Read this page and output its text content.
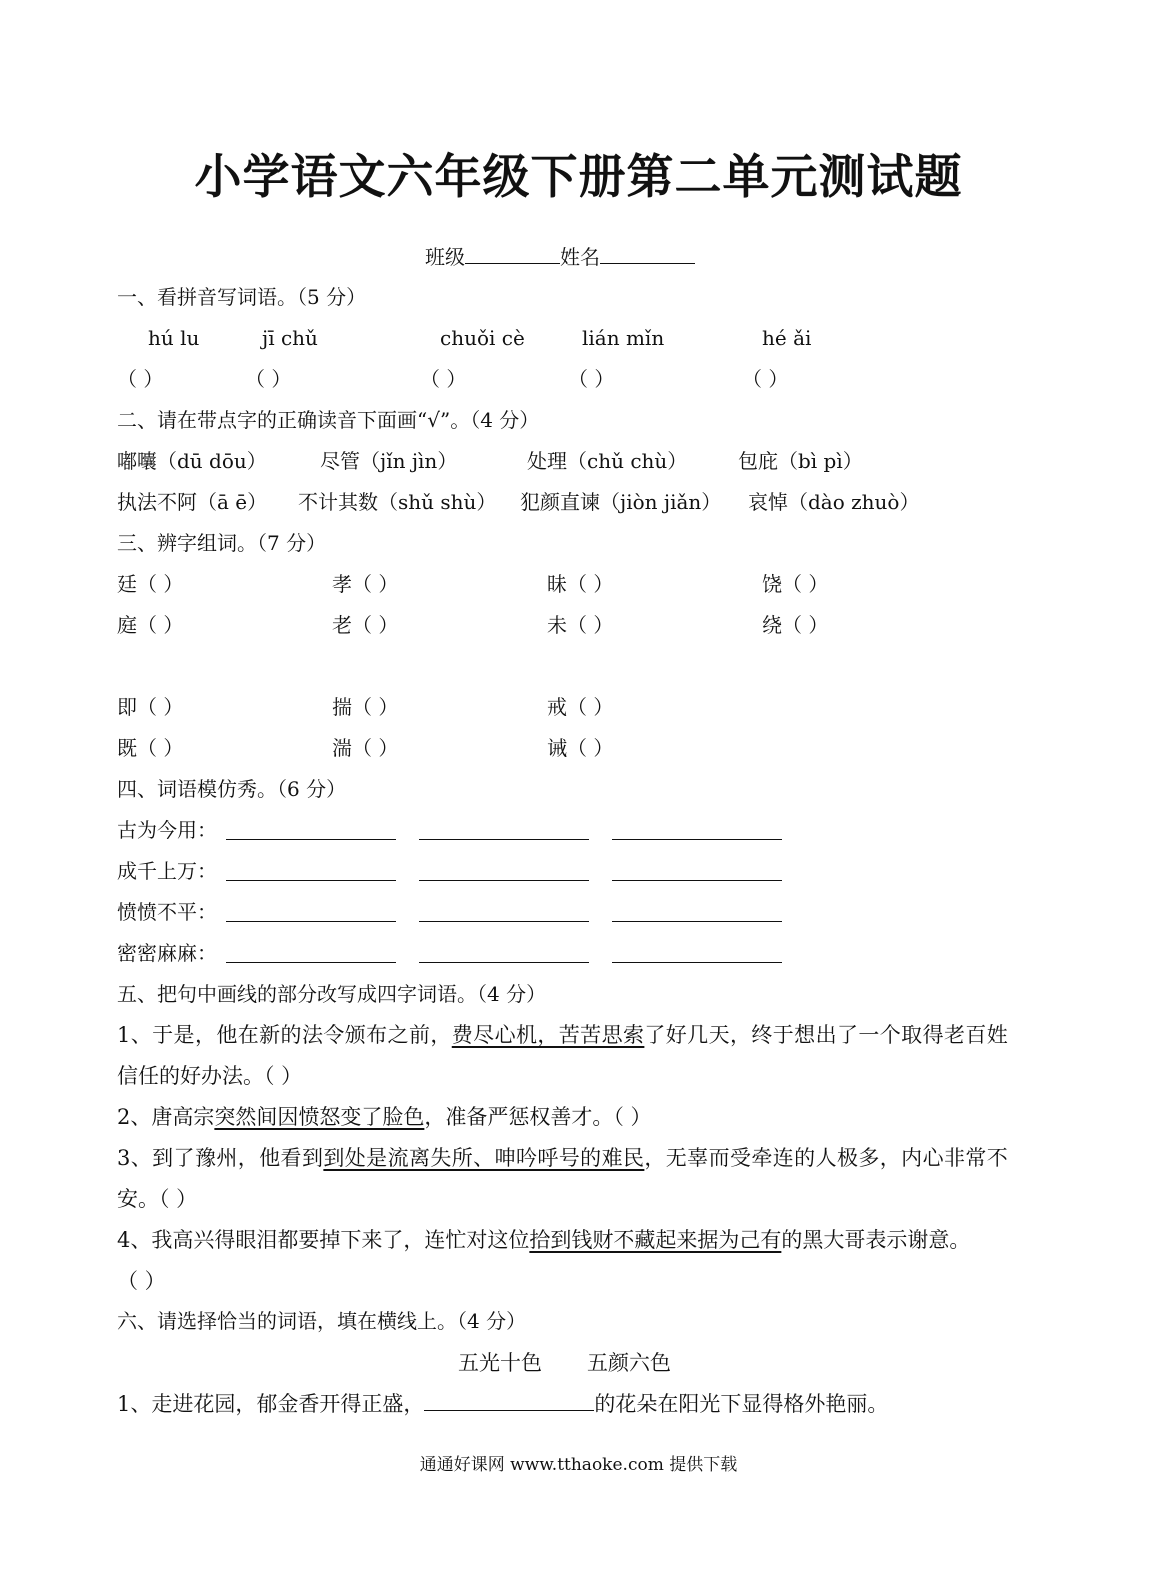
小学语文六年级下册第二单元测试题
班级	姓名
一、看拼音写词语。（5 分）
hú lu	jī chǔ	chuǒi cè	lián mǐn	hé ǎi
（ ）	（ ）	（ ）	（ ）	（ ）
二、请在带点字的正确读音下面画“√”。（4 分）
嘟囔（dū dōu）	尽管（jǐn jìn）	处理（chǔ chù）	包庇（bì pì）
执法不阿（ā ē） 不计其数（shǔ shù） 犯颜直谏（jiòn jiǎn） 哀悼（dào zhuò）
三、辨字组词。（7 分）
廷（ ）	孝（ ）	昧（ ）	饶（ ）
庭（ ）	老（ ）	未（ ）	绕（ ）
即（ ）	揣（ ）	戒（ ）
既（ ）	湍（ ）	诫（ ）
四、词语模仿秀。（6 分）
古为今用：
成千上万：
愤愤不平：
密密麻麻：
五、把句中画线的部分改写成四字词语。（4 分）
1、于是，他在新的法令颁布之前，费尽心机，苦苦思索了好几天，终于想出了一个取得老百姓
信任的好办法。（ ）
2、唐高宗突然间因愤怒变了脸色，准备严惩权善才。（ ）
3、到了豫州，他看到到处是流离失所、呻吟呼号的难民，无辜而受牵连的人极多，内心非常不
安。（ ）
4、我高兴得眼泪都要掉下来了，连忙对这位拾到钱财不藏起来据为己有的黑大哥表示谢意。
（ ）
六、请选择恰当的词语，填在横线上。（4 分）
五光十色 五颜六色
1、走进花园，郁金香开得正盛，	的花朵在阳光下显得格外艳丽。
通通好课网 www.tthaoke.com 提供下载
